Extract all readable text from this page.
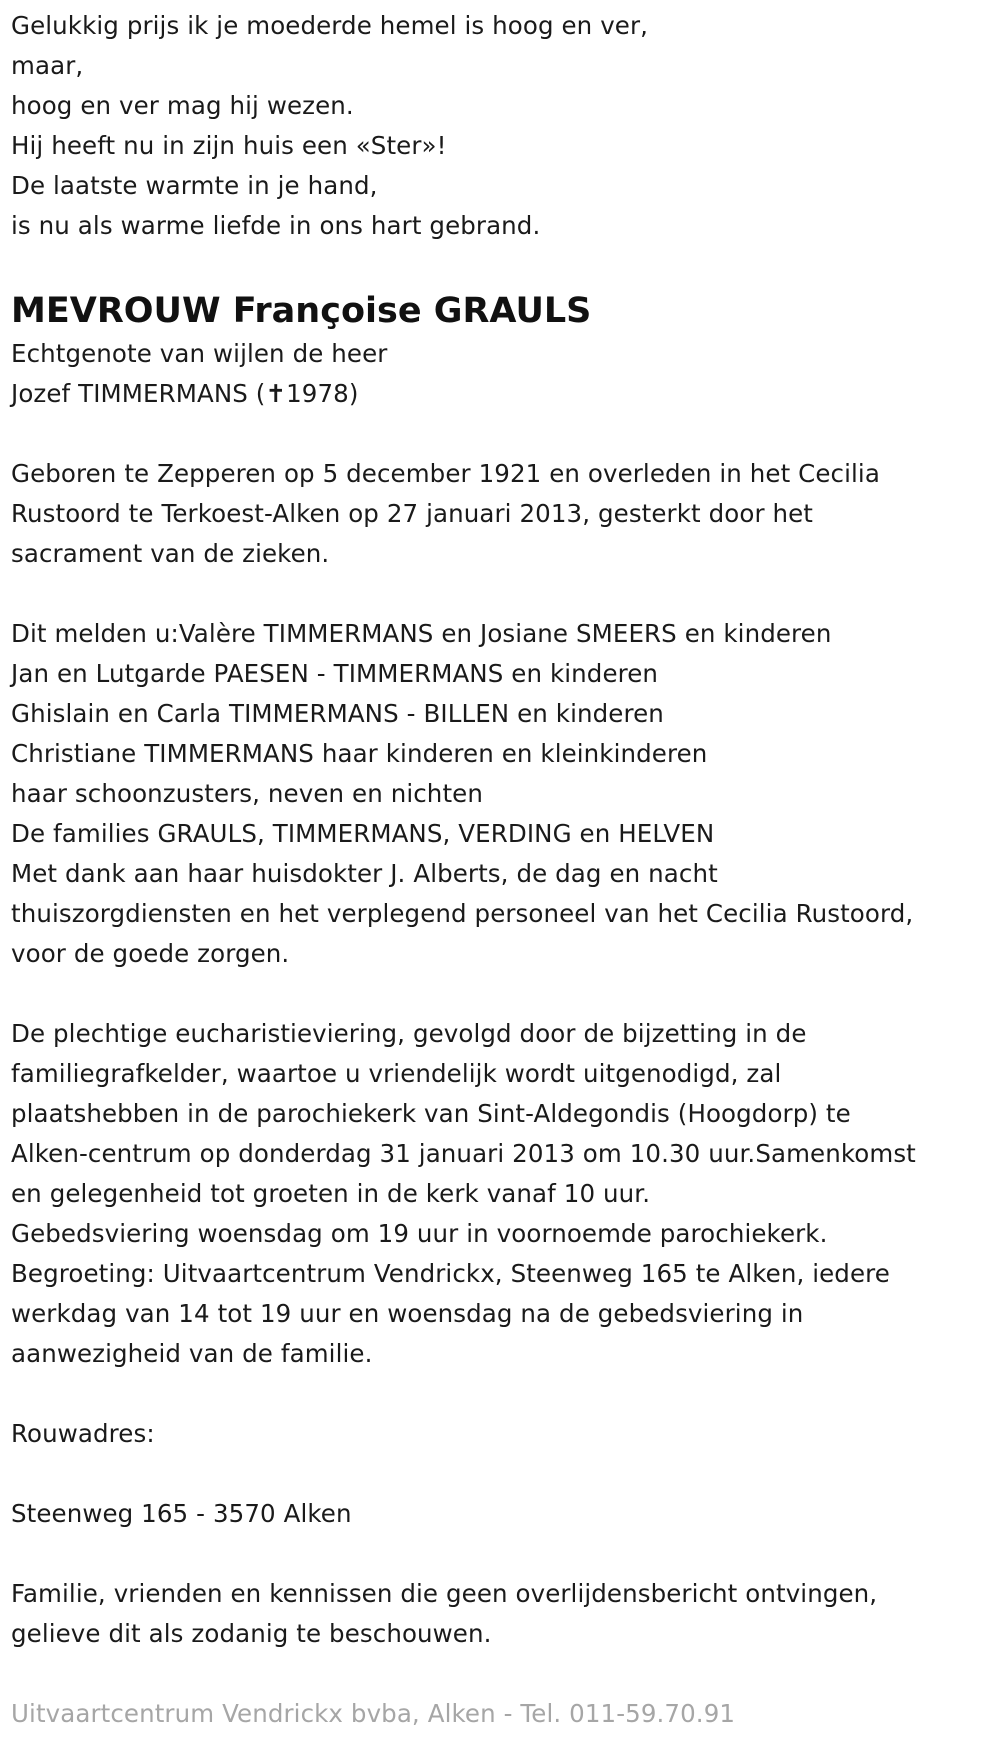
Gelukkig prijs ik je moederde hemel is hoog en ver,
maar,
hoog en ver mag hij wezen.
Hij heeft nu in zijn huis een «Ster»!
De laatste warmte in je hand,
is nu als warme liefde in ons hart gebrand.
MEVROUW Françoise GRAULS
Echtgenote van wijlen de heer
Jozef TIMMERMANS (✝1978)
Geboren te Zepperen op 5 december 1921 en overleden in het Cecilia
Rustoord te Terkoest-Alken op 27 januari 2013, gesterkt door het
sacrament van de zieken.
Dit melden u:Valère TIMMERMANS en Josiane SMEERS en kinderen
Jan en Lutgarde PAESEN - TIMMERMANS en kinderen
Ghislain en Carla TIMMERMANS - BILLEN en kinderen
Christiane TIMMERMANS haar kinderen en kleinkinderen
haar schoonzusters, neven en nichten
De families GRAULS, TIMMERMANS, VERDING en HELVEN
Met dank aan haar huisdokter J. Alberts, de dag en nacht
thuiszorgdiensten en het verplegend personeel van het Cecilia Rustoord,
voor de goede zorgen.
De plechtige eucharistieviering, gevolgd door de bijzetting in de
familiegrafkelder, waartoe u vriendelijk wordt uitgenodigd, zal
plaatshebben in de parochiekerk van Sint-Aldegondis (Hoogdorp) te
Alken-centrum op donderdag 31 januari 2013 om 10.30 uur.Samenkomst
en gelegenheid tot groeten in de kerk vanaf 10 uur.
Gebedsviering woensdag om 19 uur in voornoemde parochiekerk.
Begroeting: Uitvaartcentrum Vendrickx, Steenweg 165 te Alken, iedere
werkdag van 14 tot 19 uur en woensdag na de gebedsviering in
aanwezigheid van de familie.
Rouwadres:
Steenweg 165 - 3570 Alken
Familie, vrienden en kennissen die geen overlijdensbericht ontvingen,
gelieve dit als zodanig te beschouwen.
Uitvaartcentrum Vendrickx bvba, Alken - Tel. 011-59.70.91
